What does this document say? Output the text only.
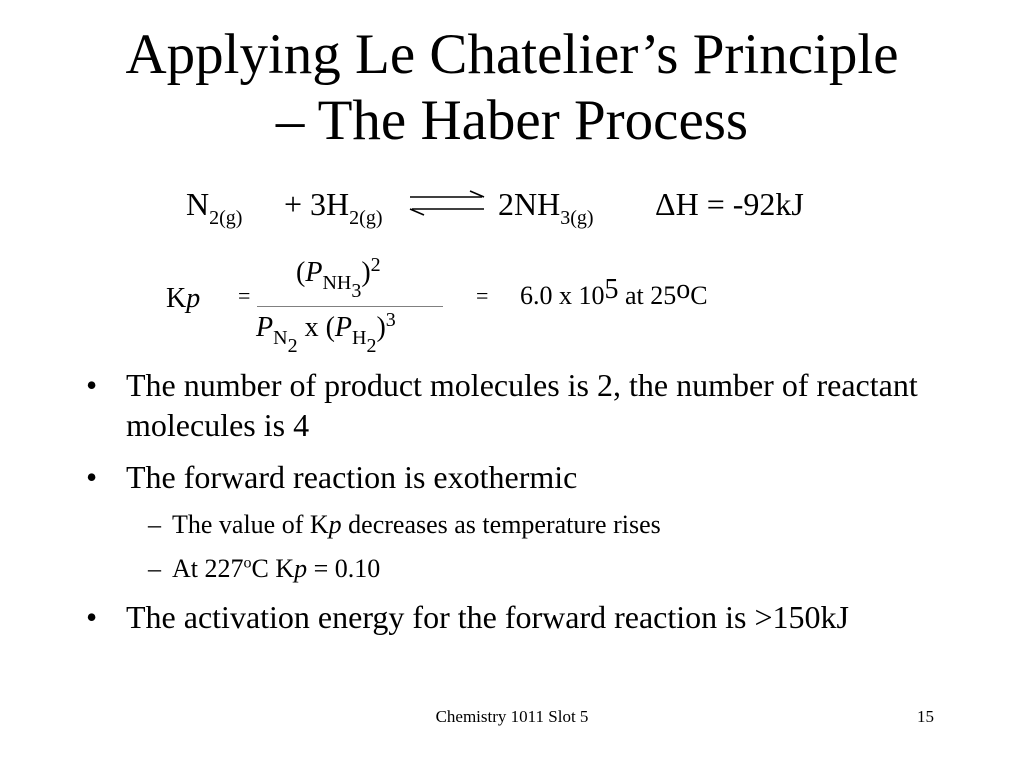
Applying Le Chatelier’s Principle
– The Haber Process
$N_{2(g)} + 3H_{2(g)}$	$2NH_{3(g)}$ ΔH = -92kJ
Kp =
$(P_{NH_3})^2$
$P_{N_2}$ x $(P_{H_2})^3$
= 6.0 x $10^5$ at 25$^o$C
• The number of product molecules is 2, the number of reactant molecules is 4
• The forward reaction is exothermic
– The value of Kp decreases as temperature rises
– At 227$^o$C Kp = 0.10
• The activation energy for the forward reaction is >150kJ
Chemistry 1011 Slot 5	15
